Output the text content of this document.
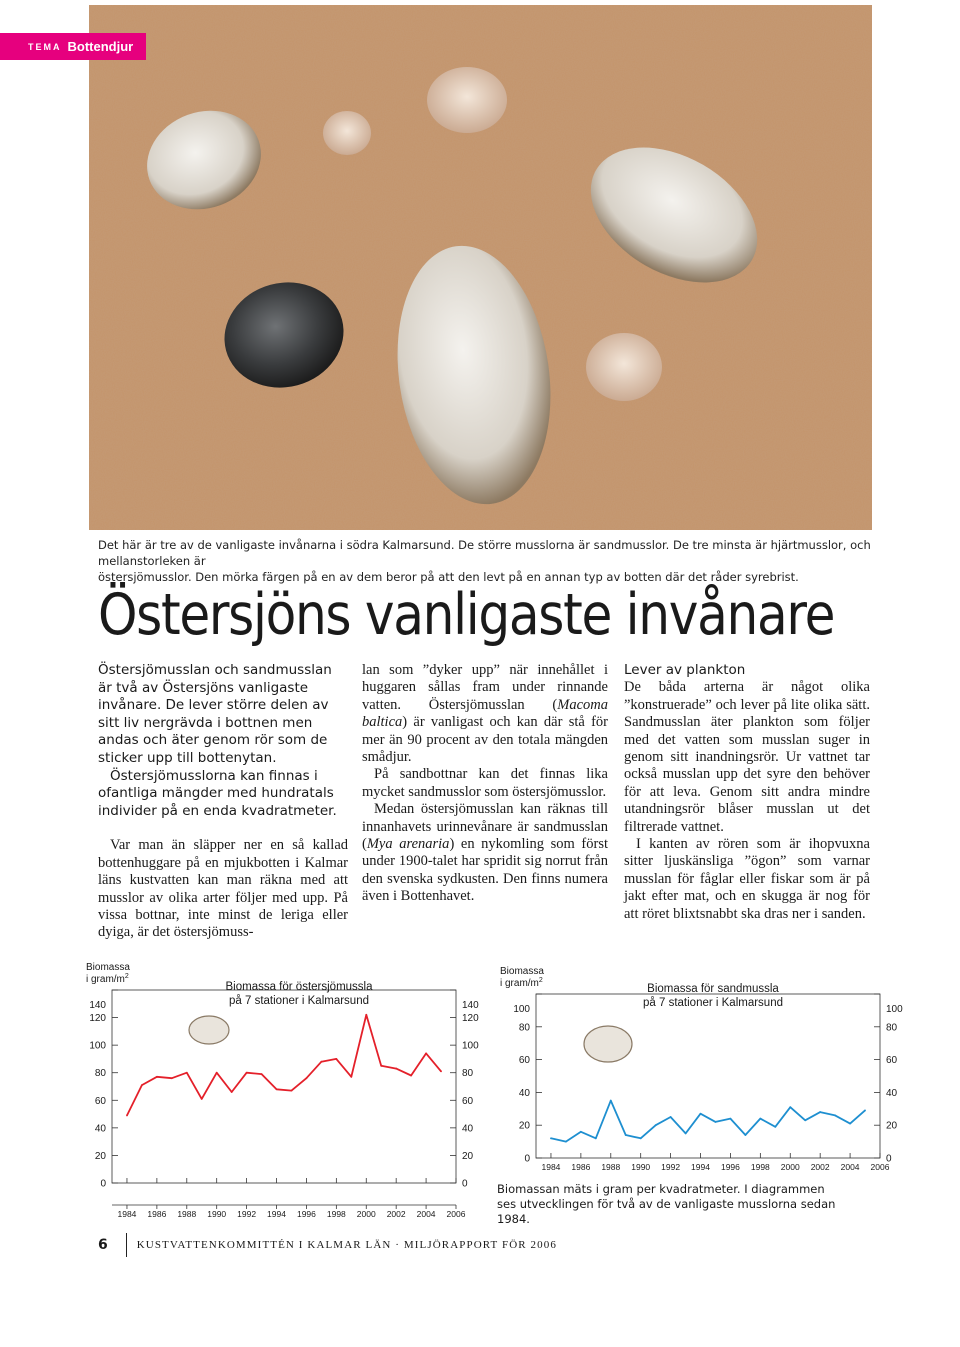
TEMA Bottendjur
Det här är tre av de vanligaste invånarna i södra Kalmarsund. De större musslorna är sandmusslor. De tre minsta är hjärtmusslor, och mellanstorleken är
östersjömusslor. Den mörka färgen på en av dem beror på att den levt på en annan typ av botten där det råder syrebrist.
Östersjöns vanligaste invånare

Östersjömusslan och sandmusslan är två av Östersjöns vanligaste invånare. De lever större delen av sitt liv nergrävda i bottnen men andas och äter genom rör som de sticker upp till bottenytan.

Östersjömusslorna kan finnas i ofantliga mängder med hundratals individer på en enda kvadratmeter.

Var man än släpper ner en så kallad bottenhuggare på en mjukbotten i Kalmar läns kustvatten kan man räkna med att musslor av olika arter följer med upp. På vissa bottnar, inte minst de leriga eller dyiga, är det östersjömuss-

lan som ”dyker upp” när innehållet i huggaren sållas fram under rinnande vatten. Östersjömusslan (Macoma baltica) är vanligast och kan där stå för mer än 90 procent av den totala mängden smådjur.

På sandbottnar kan det finnas lika mycket sandmusslor som östersjömusslor.

Medan östersjömusslan kan räknas till innanhavets urinnevånare är sandmusslan (Mya arenaria) en nykomling som först under 1900-talet har spridit sig norrut från den svenska sydkusten. Den finns numera även i Bottenhavet.

Lever av plankton

De båda arterna är något olika ”konstruerade” och lever på lite olika sätt. Sandmusslan äter plankton som följer med det vatten som musslan suger in genom sitt inandningsrör. Ur vattnet tar också musslan upp det syre den behöver för att leva. Genom sitt andra mindre utandningsrör blåser musslan ut det filtrerade vattnet.

I kanten av rören som är ihopvuxna sitter ljuskänsliga ”ögon” som varnar musslan för fåglar eller fiskar som är på jakt efter mat, och en skugga är nog för att röret blixtsnabbt ska dras ner i sanden.

Biomassa
i gram/$m^2$
0	0
20	20
40	40
60	60
80	80
100	100
120	120
140	140
1984 1986 1988 1990 1992 1994 1996 1998 2000 2002 2004 2006
Biomassa för östersjömussla
på 7 stationer i Kalmarsund
Biomassa
i gram/$m^2$
0	0
20	20
40	40
60	60
80	80
100	100
1984 1986 1988 1990 1992 1994 1996 1998 2000 2002 2004 2006
Biomassa för sandmussla
på 7 stationer i Kalmarsund
Biomassan mäts i gram per kvadratmeter. I diagrammen ses utvecklingen för två av de vanligaste musslorna sedan 1984.
6	KUSTVATTENKOMMITTÉN I KALMAR LÄN · MILJÖRAPPORT FÖR 2006
